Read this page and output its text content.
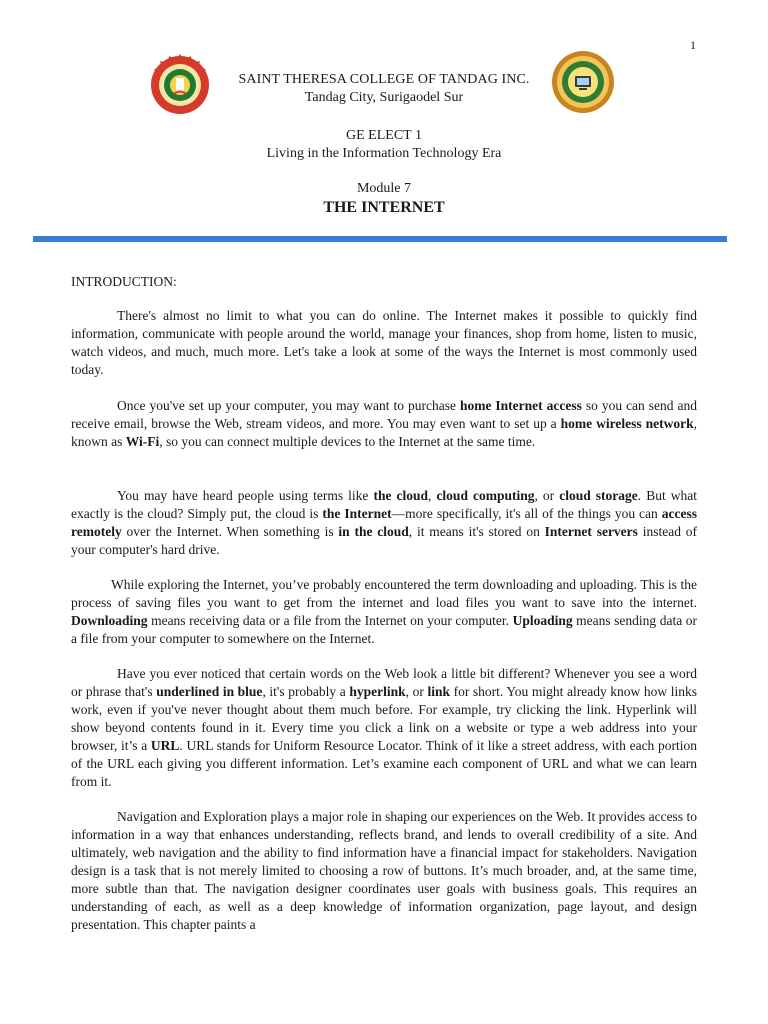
1
SAINT THERESA COLLEGE OF TANDAG INC.
Tandag City, Surigaodel Sur
GE ELECT 1
Living in the Information Technology Era
Module 7
THE INTERNET
INTRODUCTION:

There's almost no limit to what you can do online. The Internet makes it possible to quickly find information, communicate with people around the world, manage your finances, shop from home, listen to music, watch videos, and much, much more. Let's take a look at some of the ways the Internet is most commonly used today.

Once you've set up your computer, you may want to purchase home Internet access so you can send and receive email, browse the Web, stream videos, and more. You may even want to set up a home wireless network, known as Wi-Fi, so you can connect multiple devices to the Internet at the same time.

You may have heard people using terms like the cloud, cloud computing, or cloud storage. But what exactly is the cloud? Simply put, the cloud is the Internet—more specifically, it's all of the things you can access remotely over the Internet. When something is in the cloud, it means it's stored on Internet servers instead of your computer's hard drive.

While exploring the Internet, you’ve probably encountered the term downloading and uploading. This is the process of saving files you want to get from the internet and load files you want to save into the internet. Downloading means receiving data or a file from the Internet on your computer. Uploading means sending data or a file from your computer to somewhere on the Internet.

Have you ever noticed that certain words on the Web look a little bit different? Whenever you see a word or phrase that's underlined in blue, it's probably a hyperlink, or link for short. You might already know how links work, even if you've never thought about them much before. For example, try clicking the link. Hyperlink will show beyond contents found in it. Every time you click a link on a website or type a web address into your browser, it’s a URL. URL stands for Uniform Resource Locator. Think of it like a street address, with each portion of the URL each giving you different information. Let’s examine each component of URL and what we can learn from it.

Navigation and Exploration plays a major role in shaping our experiences on the Web. It provides access to information in a way that enhances understanding, reflects brand, and lends to overall credibility of a site. And ultimately, web navigation and the ability to find information have a financial impact for stakeholders. Navigation design is a task that is not merely limited to choosing a row of buttons. It’s much broader, and, at the same time, more subtle than that. The navigation designer coordinates user goals with business goals. This requires an understanding of each, as well as a deep knowledge of information organization, page layout, and design presentation. This chapter paints a
